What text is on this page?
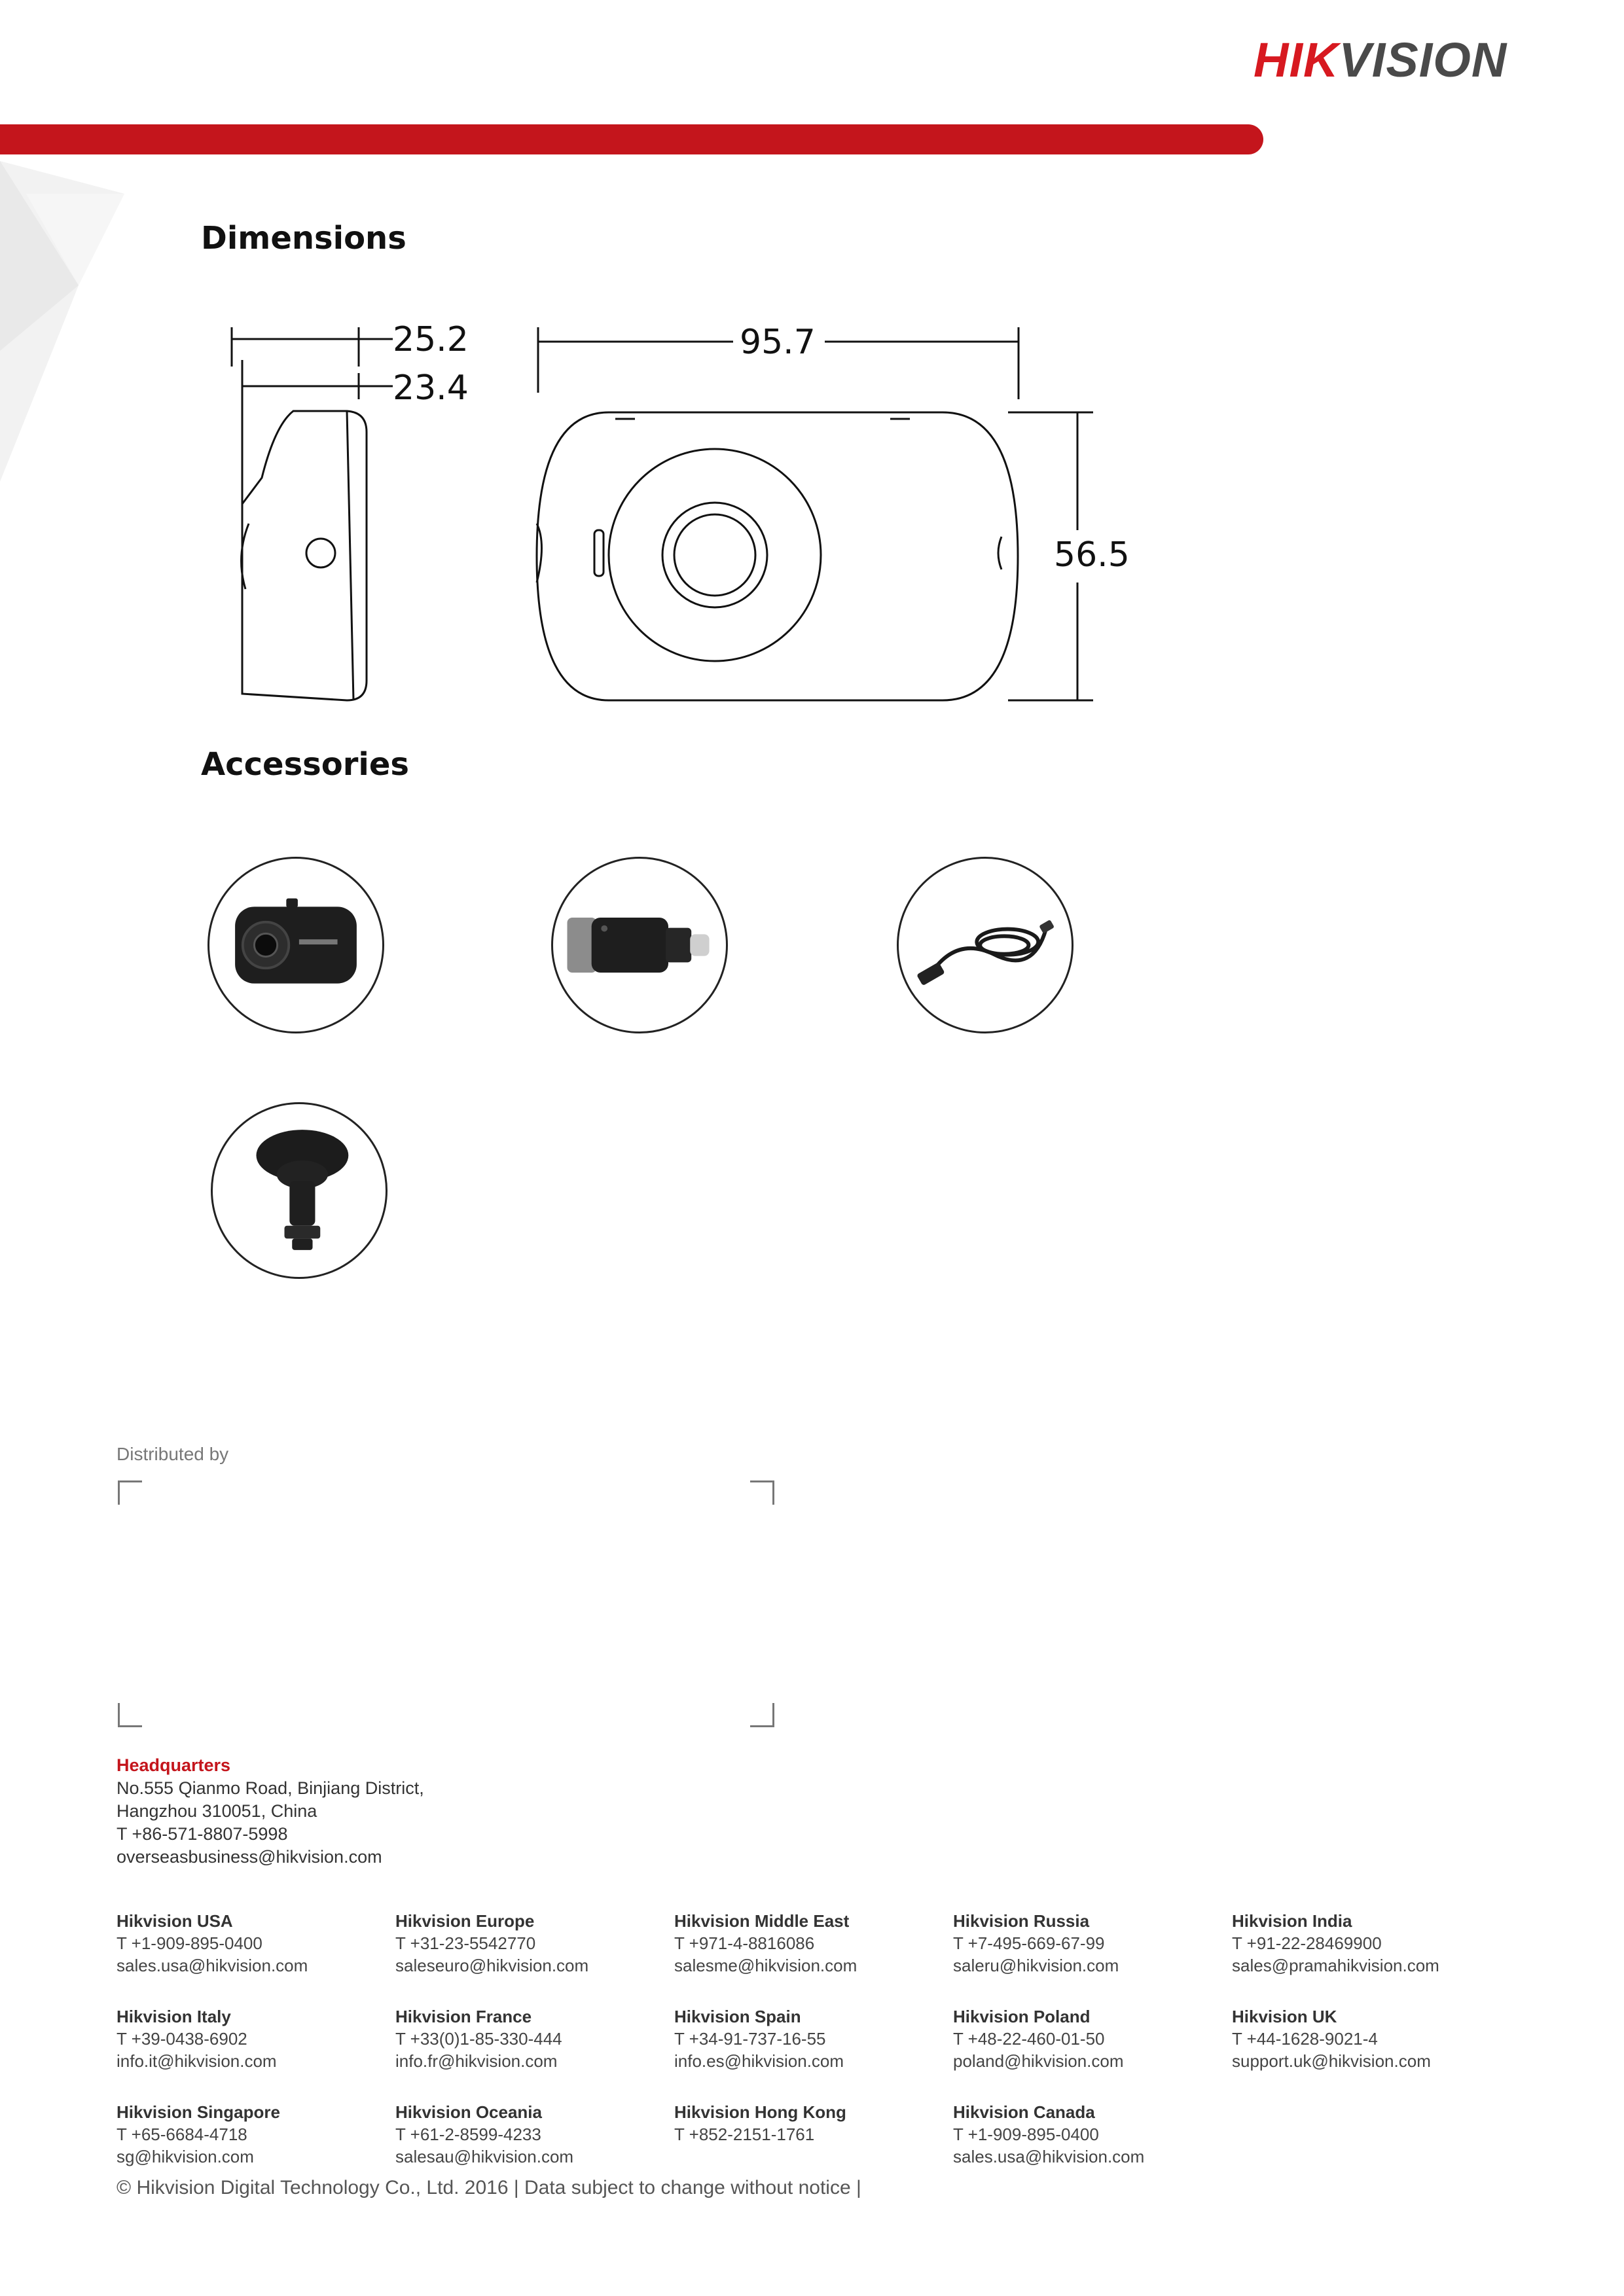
HIKVISION
Dimensions
25.2
23.4
95.7
56.5
Accessories
Distributed by
Headquarters
No.555 Qianmo Road, Binjiang District,
Hangzhou 310051, China
T +86-571-8807-5998
overseasbusiness@hikvision.com
Hikvision USA
T +1-909-895-0400
sales.usa@hikvision.com
Hikvision Europe
T +31-23-5542770
saleseuro@hikvision.com
Hikvision Middle East
T +971-4-8816086
salesme@hikvision.com
Hikvision Russia
T +7-495-669-67-99
saleru@hikvision.com
Hikvision India
T +91-22-28469900
sales@pramahikvision.com
Hikvision Italy
T +39-0438-6902
info.it@hikvision.com
Hikvision France
T +33(0)1-85-330-444
info.fr@hikvision.com
Hikvision Spain
T +34-91-737-16-55
info.es@hikvision.com
Hikvision Poland
T +48-22-460-01-50
poland@hikvision.com
Hikvision UK
T +44-1628-9021-4
support.uk@hikvision.com
Hikvision Singapore
T +65-6684-4718
sg@hikvision.com
Hikvision Oceania
T +61-2-8599-4233
salesau@hikvision.com
Hikvision Hong Kong
T +852-2151-1761
Hikvision Canada
T +1-909-895-0400
sales.usa@hikvision.com
© Hikvision Digital Technology Co., Ltd. 2016 | Data subject to change without notice |
